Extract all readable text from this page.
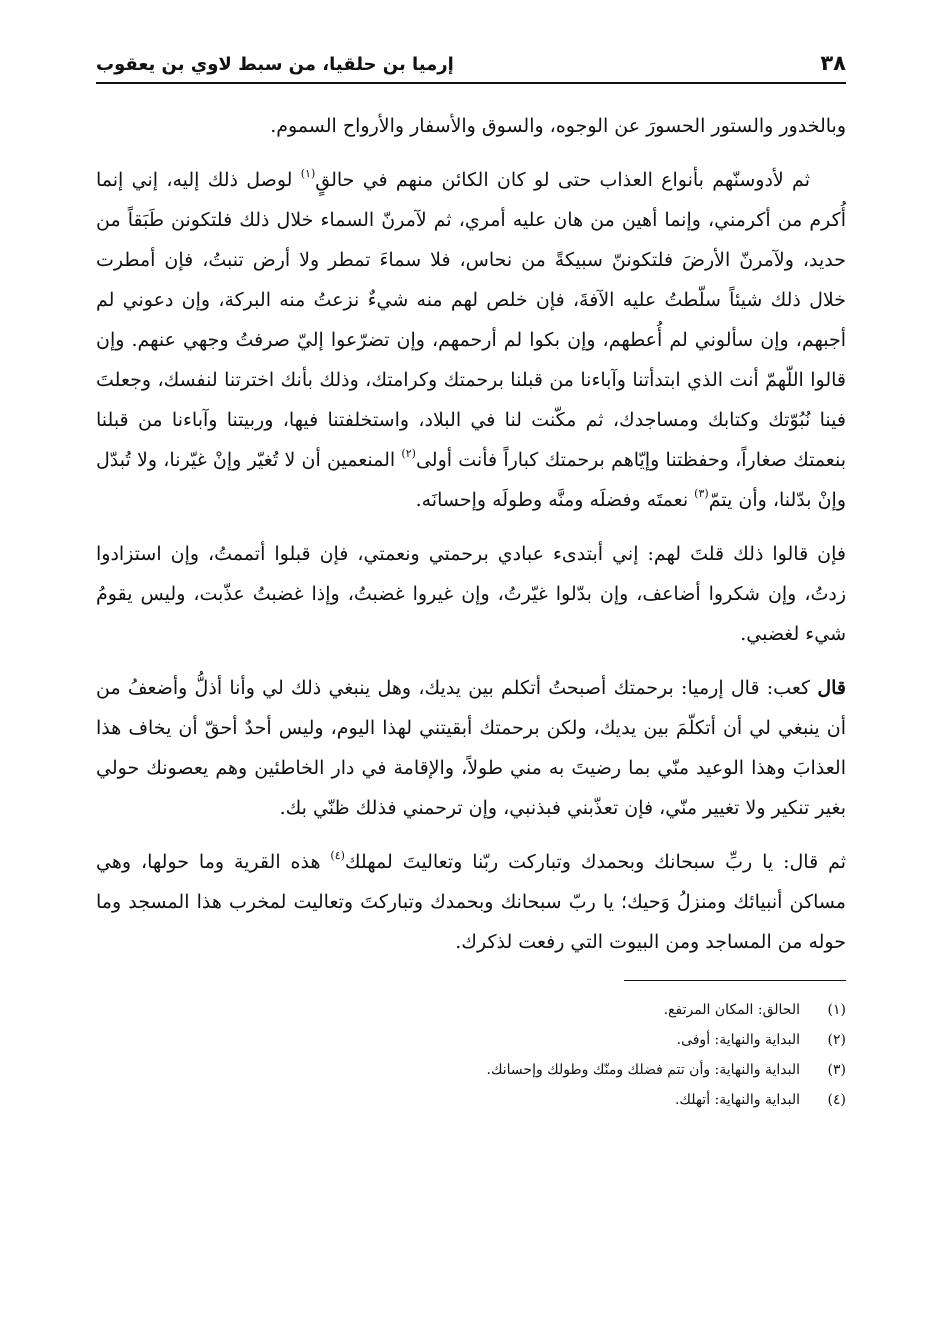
٣٨
إرميا بن حلقيا، من سبط لاوي بن يعقوب

وبالخدور والستور الحسورَ عن الوجوه، والسوق والأسفار والأرواح السموم.

ثم لأدوسنّهم بأنواع العذاب حتى لو كان الكائن منهم في حالقٍ$^{(١)}$ لوصل ذلك إليه، إني إنما أُكرم من أكرمني، وإنما أهين من هان عليه أمري، ثم لآمرنّ السماء خلال ذلك فلتكونن طَبَقاً من حديد، ولآمرنّ الأرضَ فلتكوننّ سبيكةً من نحاس، فلا سماءَ تمطر ولا أرض تنبتُ، فإن أمطرت خلال ذلك شيئاً سلّطتُ عليه الآفةَ، فإن خلص لهم منه شيءٌ نزعتُ منه البركة، وإن دعوني لم أجبهم، وإن سألوني لم أُعطهم، وإن بكوا لم أرحمهم، وإن تضرّعوا إليّ صرفتُ وجهي عنهم. وإن قالوا اللّهمّ أنت الذي ابتدأتنا وآباءنا من قبلنا برحمتك وكرامتك، وذلك بأنك اخترتنا لنفسك، وجعلتَ فينا نُبُوّتك وكتابك ومساجدك، ثم مكّنت لنا في البلاد، واستخلفتنا فيها، وربيتنا وآباءنا من قبلنا بنعمتك صغاراً، وحفظتنا وإيّاهم برحمتك كباراً فأنت أولى$^{(٢)}$ المنعمين أن لا تُغيّر وإنْ غيّرنا، ولا تُبدّل وإنْ بدّلنا، وأن يتمّ$^{(٣)}$ نعمتَه وفضلَه ومنَّه وطولَه وإحسانَه.

فإن قالوا ذلك قلتَ لهم: إني أبتدىء عبادي برحمتي ونعمتي، فإن قبلوا أتممتُ، وإن استزادوا زدتُ، وإن شكروا أضاعف، وإن بدّلوا غيّرتُ، وإن غيروا غضبتُ، وإذا غضبتُ عذّبت، وليس يقومُ شيء لغضبي.

قال كعب: قال إرميا: برحمتك أصبحتُ أتكلم بين يديك، وهل ينبغي ذلك لي وأنا أذلُّ وأضعفُ من أن ينبغي لي أن أتكلّمَ بين يديك، ولكن برحمتك أبقيتني لهذا اليوم، وليس أحدٌ أحقّ أن يخاف هذا العذابَ وهذا الوعيد منّي بما رضيتَ به مني طولاً، والإقامة في دار الخاطئين وهم يعصونك حولي بغير تنكير ولا تغيير منّي، فإن تعذّبني فبذنبي، وإن ترحمني فذلك ظنّي بك.

ثم قال: يا ربِّ سبحانك وبحمدك وتباركت ربّنا وتعاليتَ لمهلك$^{(٤)}$ هذه القرية وما حولها، وهي مساكن أنبيائك ومنزلُ وَحيك؛ يا ربّ سبحانك وبحمدك وتباركتَ وتعاليت لمخرب هذا المسجد وما حوله من المساجد ومن البيوت التي رفعت لذكرك.

(١)
الحالق: المكان المرتفع.
(٢)
البداية والنهاية: أوفى.
(٣)
البداية والنهاية: وأن تتم فضلك ومنّك وطولك وإحسانك.
(٤)
البداية والنهاية: أتهلك.
